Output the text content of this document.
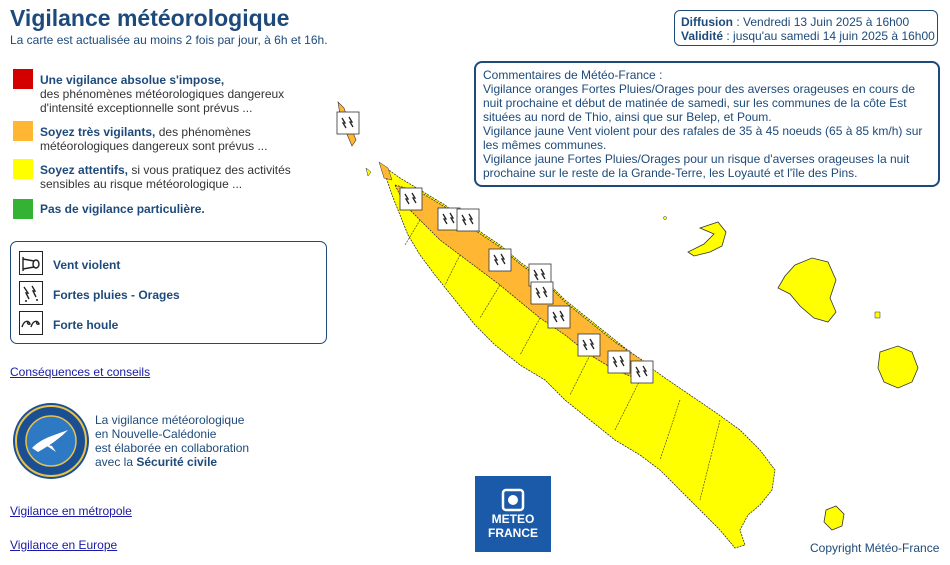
Vigilance météorologique
La carte est actualisée au moins 2 fois par jour, à 6h et 16h.
Diffusion : Vendredi 13 Juin 2025 à 16h00
Validité : jusqu'au samedi 14 juin 2025 à 16h00
Une vigilance absolue s'impose,
des phénomènes météorologiques dangereux d'intensité exceptionnelle sont prévus ...
Soyez très vigilants, des phénomènes météorologiques dangereux sont prévus ...
Soyez attentifs, si vous pratiquez des activités sensibles au risque météorologique ...
Pas de vigilance particulière.
Vent violent
Fortes pluies - Orages
Forte houle
Conséquences et conseils
La vigilance météorologique
en Nouvelle-Calédonie
est élaborée en collaboration
avec la Sécurité civile
Vigilance en métropole
Vigilance en Europe
Commentaires de Météo-France :
Vigilance oranges Fortes Pluies/Orages pour des averses orageuses en cours de nuit prochaine et début de matinée de samedi, sur les communes de la côte Est situées au nord de Thio, ainsi que sur Belep, et Poum.
Vigilance jaune Vent violent pour des rafales de 35 à 45 noeuds (65 à 85 km/h) sur les mêmes communes.
Vigilance jaune Fortes Pluies/Orages pour un risque d'averses orageuses la nuit prochaine sur le reste de la Grande-Terre, les Loyauté et l'île des Pins.
METEO
FRANCE
Copyright Météo-France
